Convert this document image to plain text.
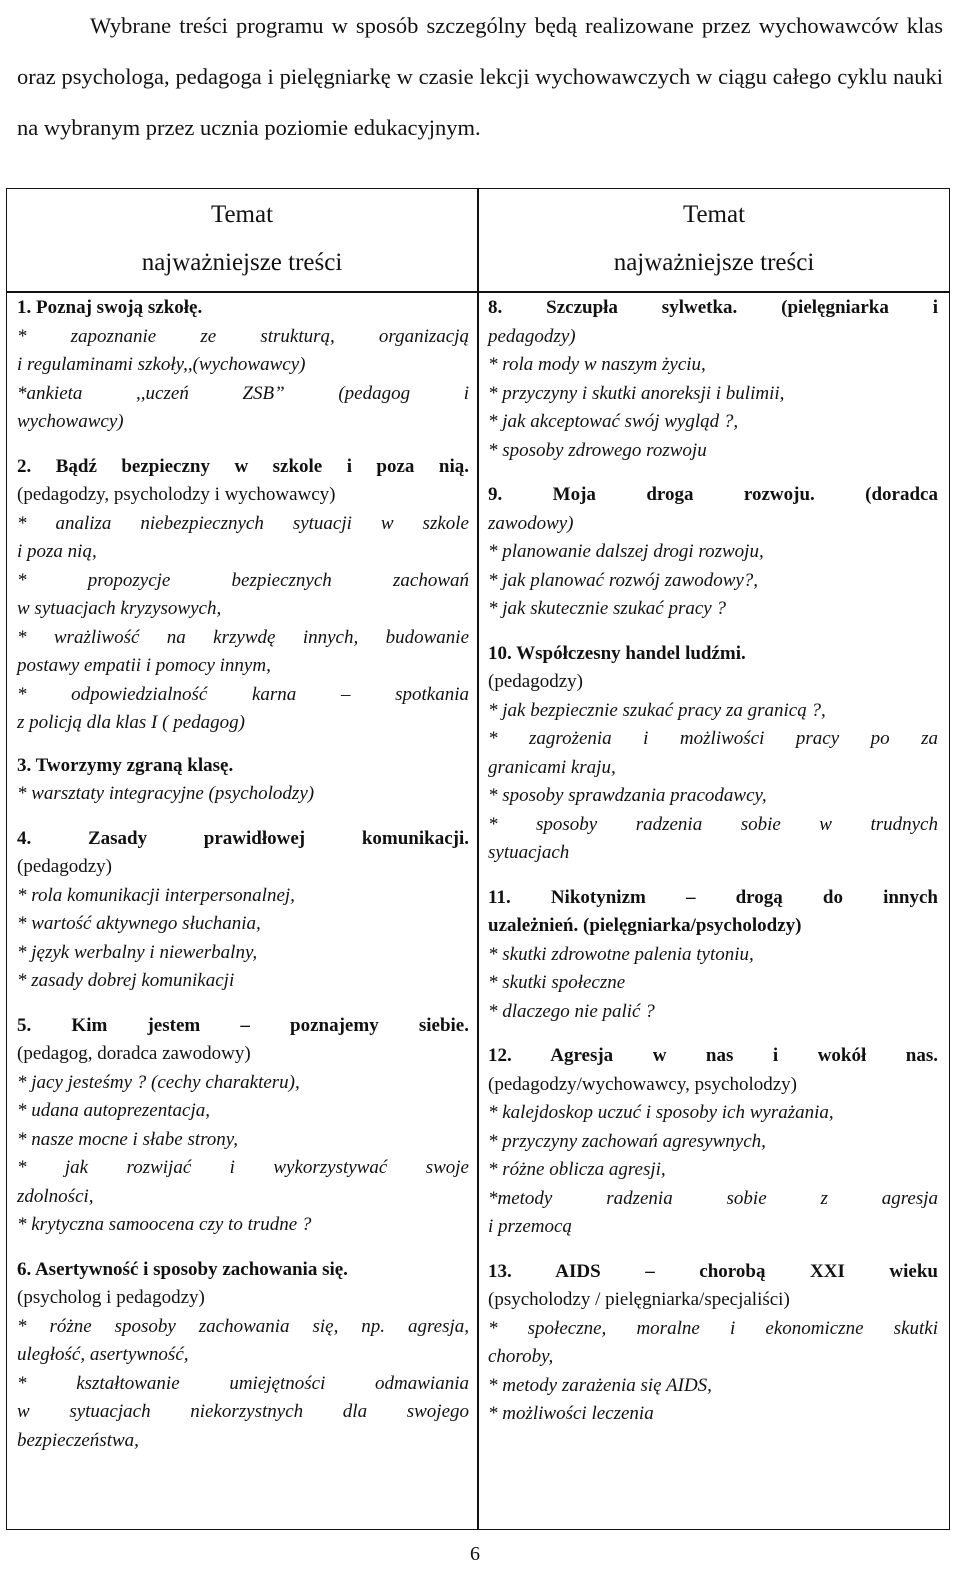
Wybrane treści programu w sposób szczególny będą realizowane przez wychowawców klas oraz psychologa, pedagoga i pielęgniarkę w czasie lekcji wychowawczych w ciągu całego cyklu nauki na wybranym przez ucznia poziomie edukacyjnym.

Temat
najważniejsze treści
Temat
najważniejsze treści
1. Poznaj swoją szkołę.
* zapoznanie ze strukturą, organizacją
i regulaminami szkoły,,(wychowawcy)
*ankieta ,,uczeń ZSB” (pedagog i
wychowawcy)
2. Bądź bezpieczny w szkole i poza nią.
(pedagodzy, psycholodzy i wychowawcy)
* analiza niebezpiecznych sytuacji w szkole
i poza nią,
* propozycje bezpiecznych zachowań
w sytuacjach kryzysowych,
* wrażliwość na krzywdę innych, budowanie
postawy empatii i pomocy innym,
* odpowiedzialność karna – spotkania
z policją dla klas I ( pedagog)
3. Tworzymy zgraną klasę.
* warsztaty integracyjne (psycholodzy)
4. Zasady prawidłowej komunikacji.
(pedagodzy)
* rola komunikacji interpersonalnej,
* wartość aktywnego słuchania,
* język werbalny i niewerbalny,
* zasady dobrej komunikacji
5. Kim jestem – poznajemy siebie.
(pedagog, doradca zawodowy)
* jacy jesteśmy ? (cechy charakteru),
* udana autoprezentacja,
* nasze mocne i słabe strony,
* jak rozwijać i wykorzystywać swoje
zdolności,
* krytyczna samoocena czy to trudne ?
6. Asertywność i sposoby zachowania się.
(psycholog i pedagodzy)
* różne sposoby zachowania się, np. agresja,
uległość, asertywność,
* kształtowanie umiejętności odmawiania
w sytuacjach niekorzystnych dla swojego
bezpieczeństwa,
8. Szczupła sylwetka. (pielęgniarka i
pedagodzy)
* rola mody w naszym życiu,
* przyczyny i skutki anoreksji i bulimii,
* jak akceptować swój wygląd ?,
* sposoby zdrowego rozwoju
9. Moja droga rozwoju. (doradca
zawodowy)
* planowanie dalszej drogi rozwoju,
* jak planować rozwój zawodowy?,
* jak skutecznie szukać pracy ?
10. Współczesny handel ludźmi.
(pedagodzy)
* jak bezpiecznie szukać pracy za granicą ?,
* zagrożenia i możliwości pracy po za
granicami kraju,
* sposoby sprawdzania pracodawcy,
* sposoby radzenia sobie w trudnych
sytuacjach
11. Nikotynizm – drogą do innych
uzależnień. (pielęgniarka/psycholodzy)
* skutki zdrowotne palenia tytoniu,
* skutki społeczne
* dlaczego nie palić ?
12. Agresja w nas i wokół nas.
(pedagodzy/wychowawcy, psycholodzy)
* kalejdoskop uczuć i sposoby ich wyrażania,
* przyczyny zachowań agresywnych,
* różne oblicza agresji,
*metody radzenia sobie z agresja
i przemocą
13. AIDS – chorobą XXI wieku
(psycholodzy / pielęgniarka/specjaliści)
* społeczne, moralne i ekonomiczne skutki
choroby,
* metody zarażenia się AIDS,
* możliwości leczenia
6
